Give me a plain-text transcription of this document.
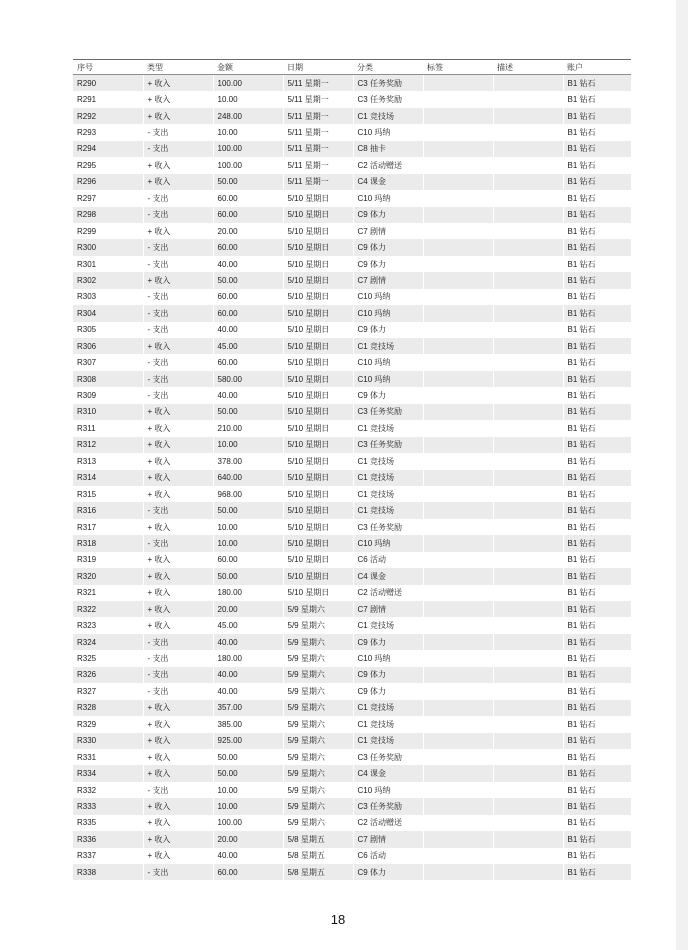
序号	类型	金额	日期	分类	标签	描述	账户
R290	+ 收入	100.00	5/11 星期一	C3 任务奖励			B1 钻石
R291	+ 收入	10.00	5/11 星期一	C3 任务奖励			B1 钻石
R292	+ 收入	248.00	5/11 星期一	C1 竞技场			B1 钻石
R293	- 支出	10.00	5/11 星期一	C10 玛纳			B1 钻石
R294	- 支出	100.00	5/11 星期一	C8 抽卡			B1 钻石
R295	+ 收入	100.00	5/11 星期一	C2 活动赠送			B1 钻石
R296	+ 收入	50.00	5/11 星期一	C4 课金			B1 钻石
R297	- 支出	60.00	5/10 星期日	C10 玛纳			B1 钻石
R298	- 支出	60.00	5/10 星期日	C9 体力			B1 钻石
R299	+ 收入	20.00	5/10 星期日	C7 剧情			B1 钻石
R300	- 支出	60.00	5/10 星期日	C9 体力			B1 钻石
R301	- 支出	40.00	5/10 星期日	C9 体力			B1 钻石
R302	+ 收入	50.00	5/10 星期日	C7 剧情			B1 钻石
R303	- 支出	60.00	5/10 星期日	C10 玛纳			B1 钻石
R304	- 支出	60.00	5/10 星期日	C10 玛纳			B1 钻石
R305	- 支出	40.00	5/10 星期日	C9 体力			B1 钻石
R306	+ 收入	45.00	5/10 星期日	C1 竞技场			B1 钻石
R307	- 支出	60.00	5/10 星期日	C10 玛纳			B1 钻石
R308	- 支出	580.00	5/10 星期日	C10 玛纳			B1 钻石
R309	- 支出	40.00	5/10 星期日	C9 体力			B1 钻石
R310	+ 收入	50.00	5/10 星期日	C3 任务奖励			B1 钻石
R311	+ 收入	210.00	5/10 星期日	C1 竞技场			B1 钻石
R312	+ 收入	10.00	5/10 星期日	C3 任务奖励			B1 钻石
R313	+ 收入	378.00	5/10 星期日	C1 竞技场			B1 钻石
R314	+ 收入	640.00	5/10 星期日	C1 竞技场			B1 钻石
R315	+ 收入	968.00	5/10 星期日	C1 竞技场			B1 钻石
R316	- 支出	50.00	5/10 星期日	C1 竞技场			B1 钻石
R317	+ 收入	10.00	5/10 星期日	C3 任务奖励			B1 钻石
R318	- 支出	10.00	5/10 星期日	C10 玛纳			B1 钻石
R319	+ 收入	60.00	5/10 星期日	C6 活动			B1 钻石
R320	+ 收入	50.00	5/10 星期日	C4 课金			B1 钻石
R321	+ 收入	180.00	5/10 星期日	C2 活动赠送			B1 钻石
R322	+ 收入	20.00	5/9 星期六	C7 剧情			B1 钻石
R323	+ 收入	45.00	5/9 星期六	C1 竞技场			B1 钻石
R324	- 支出	40.00	5/9 星期六	C9 体力			B1 钻石
R325	- 支出	180.00	5/9 星期六	C10 玛纳			B1 钻石
R326	- 支出	40.00	5/9 星期六	C9 体力			B1 钻石
R327	- 支出	40.00	5/9 星期六	C9 体力			B1 钻石
R328	+ 收入	357.00	5/9 星期六	C1 竞技场			B1 钻石
R329	+ 收入	385.00	5/9 星期六	C1 竞技场			B1 钻石
R330	+ 收入	925.00	5/9 星期六	C1 竞技场			B1 钻石
R331	+ 收入	50.00	5/9 星期六	C3 任务奖励			B1 钻石
R334	+ 收入	50.00	5/9 星期六	C4 课金			B1 钻石
R332	- 支出	10.00	5/9 星期六	C10 玛纳			B1 钻石
R333	+ 收入	10.00	5/9 星期六	C3 任务奖励			B1 钻石
R335	+ 收入	100.00	5/9 星期六	C2 活动赠送			B1 钻石
R336	+ 收入	20.00	5/8 星期五	C7 剧情			B1 钻石
R337	+ 收入	40.00	5/8 星期五	C6 活动			B1 钻石
R338	- 支出	60.00	5/8 星期五	C9 体力			B1 钻石
18
